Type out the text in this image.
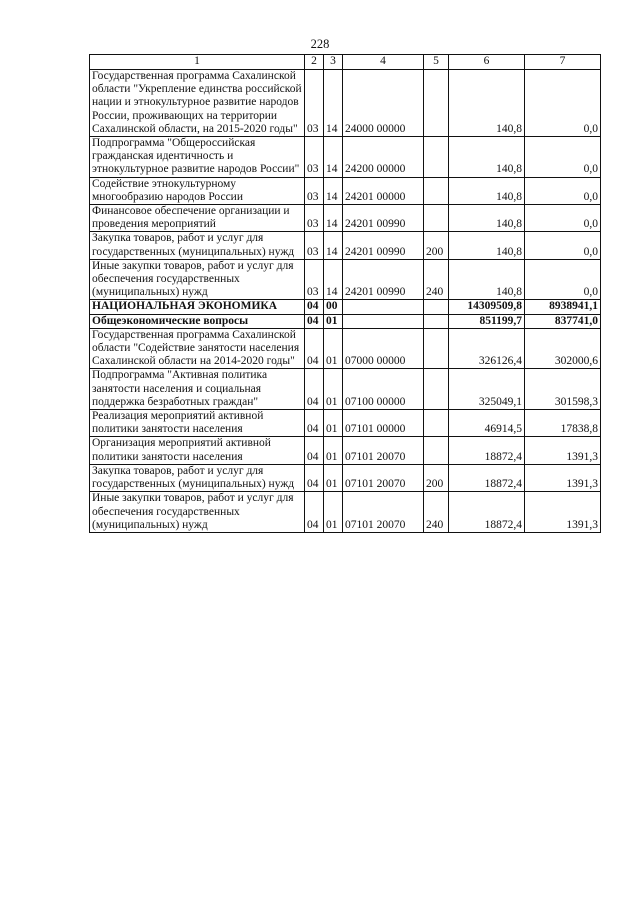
228
1	2	3	4	5	6	7
Государственная программа Сахалинской области "Укрепление единства российской нации и этнокультурное развитие народов России, проживающих на территории Сахалинской области, на 2015-2020 годы"	03	14	24000 00000		140,8	0,0
Подпрограмма "Общероссийская гражданская идентичность и этнокультурное развитие народов России"	03	14	24200 00000		140,8	0,0
Содействие этнокультурному многообразию народов России	03	14	24201 00000		140,8	0,0
Финансовое обеспечение организации и проведения мероприятий	03	14	24201 00990		140,8	0,0
Закупка товаров, работ и услуг для государственных (муниципальных) нужд	03	14	24201 00990	200	140,8	0,0
Иные закупки товаров, работ и услуг для обеспечения государственных (муниципальных) нужд	03	14	24201 00990	240	140,8	0,0
НАЦИОНАЛЬНАЯ ЭКОНОМИКА	04	00			14309509,8	8938941,1
Общеэкономические вопросы	04	01			851199,7	837741,0
Государственная программа Сахалинской области "Содействие занятости населения Сахалинской области на 2014-2020 годы"	04	01	07000 00000		326126,4	302000,6
Подпрограмма "Активная политика занятости населения и социальная поддержка безработных граждан"	04	01	07100 00000		325049,1	301598,3
Реализация мероприятий активной политики занятости населения	04	01	07101 00000		46914,5	17838,8
Организация мероприятий активной политики занятости населения	04	01	07101 20070		18872,4	1391,3
Закупка товаров, работ и услуг для государственных (муниципальных) нужд	04	01	07101 20070	200	18872,4	1391,3
Иные закупки товаров, работ и услуг для обеспечения государственных (муниципальных) нужд	04	01	07101 20070	240	18872,4	1391,3
